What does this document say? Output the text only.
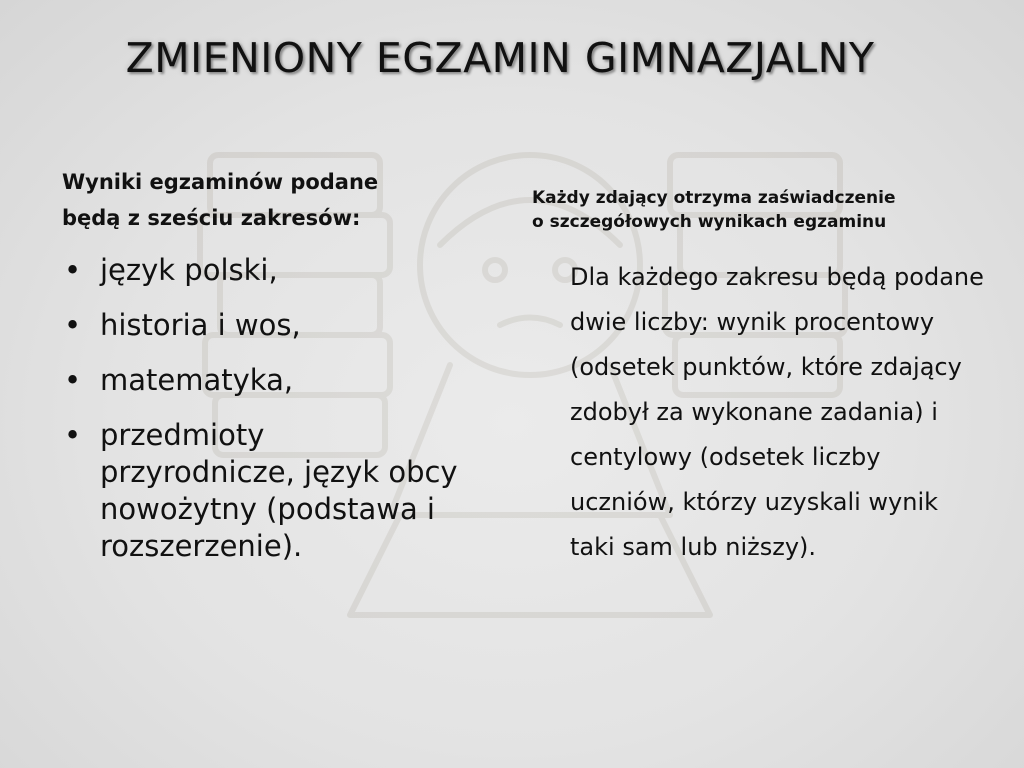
ZMIENIONY EGZAMIN GIMNAZJALNY
Wyniki egzaminów podane
będą z sześciu zakresów:
• język polski,
• historia i wos,
• matematyka,
• przedmioty przyrodnicze, język obcy nowożytny (podstawa i rozszerzenie).
Każdy zdający otrzyma zaświadczenie
o szczegółowych wynikach egzaminu
Dla każdego zakresu będą podane dwie liczby: wynik procentowy (odsetek punktów, które zdający zdobył za wykonane zadania) i centylowy (odsetek liczby uczniów, którzy uzyskali wynik taki sam lub niższy).
